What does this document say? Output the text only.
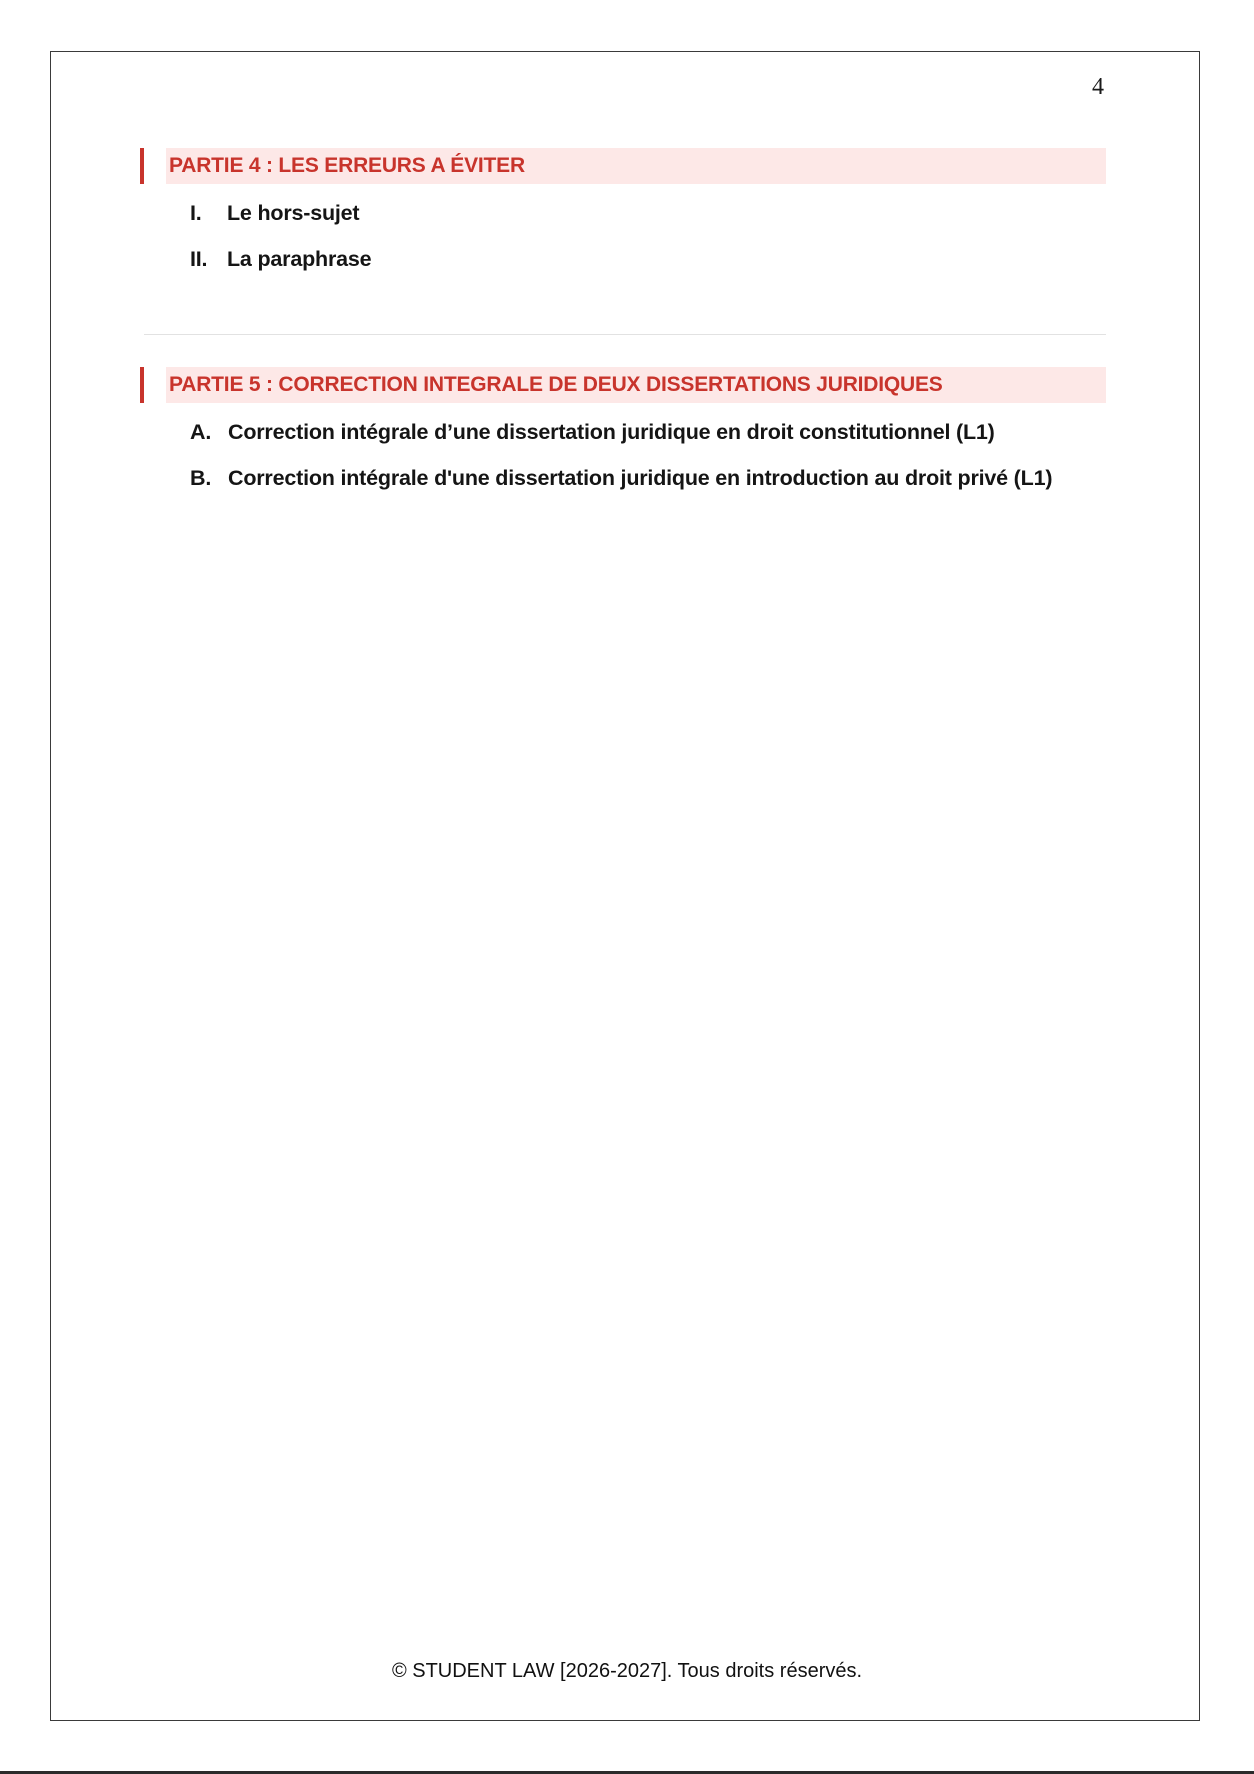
4
PARTIE 4 : LES ERREURS A ÉVITER
I. Le hors-sujet
II. La paraphrase
PARTIE 5 : CORRECTION INTEGRALE DE DEUX DISSERTATIONS JURIDIQUES
A. Correction intégrale d’une dissertation juridique en droit constitutionnel (L1)
B. Correction intégrale d'une dissertation juridique en introduction au droit privé (L1)
© STUDENT LAW [2026-2027]. Tous droits réservés.
